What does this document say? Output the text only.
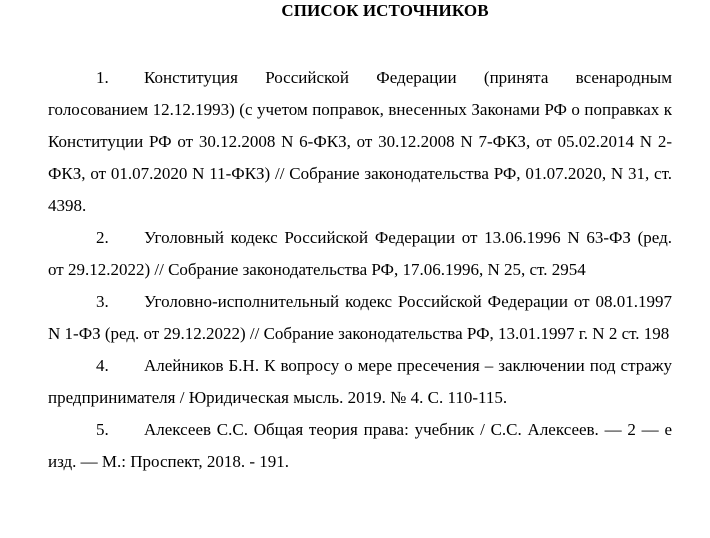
СПИСОК ИСТОЧНИКОВ
1. Конституция Российской Федерации (принята всенародным голосованием 12.12.1993) (с учетом поправок, внесенных Законами РФ о поправках к Конституции РФ от 30.12.2008 N 6-ФКЗ, от 30.12.2008 N 7-ФКЗ, от 05.02.2014 N 2-ФКЗ, от 01.07.2020 N 11-ФКЗ) // Собрание законодательства РФ, 01.07.2020, N 31, ст. 4398.
2. Уголовный кодекс Российской Федерации от 13.06.1996 N 63-ФЗ (ред. от 29.12.2022) // Собрание законодательства РФ, 17.06.1996, N 25, ст. 2954
3. Уголовно-исполнительный кодекс Российской Федерации от 08.01.1997 N 1-ФЗ (ред. от 29.12.2022) // Собрание законодательства РФ, 13.01.1997 г. N 2 ст. 198
4. Алейников Б.Н. К вопросу о мере пресечения – заключении под стражу предпринимателя / Юридическая мысль. 2019. № 4. С. 110-115.
5. Алексеев С.С. Общая теория права: учебник / С.С. Алексеев. — 2 — е изд. — М.: Проспект, 2018. - 191.
